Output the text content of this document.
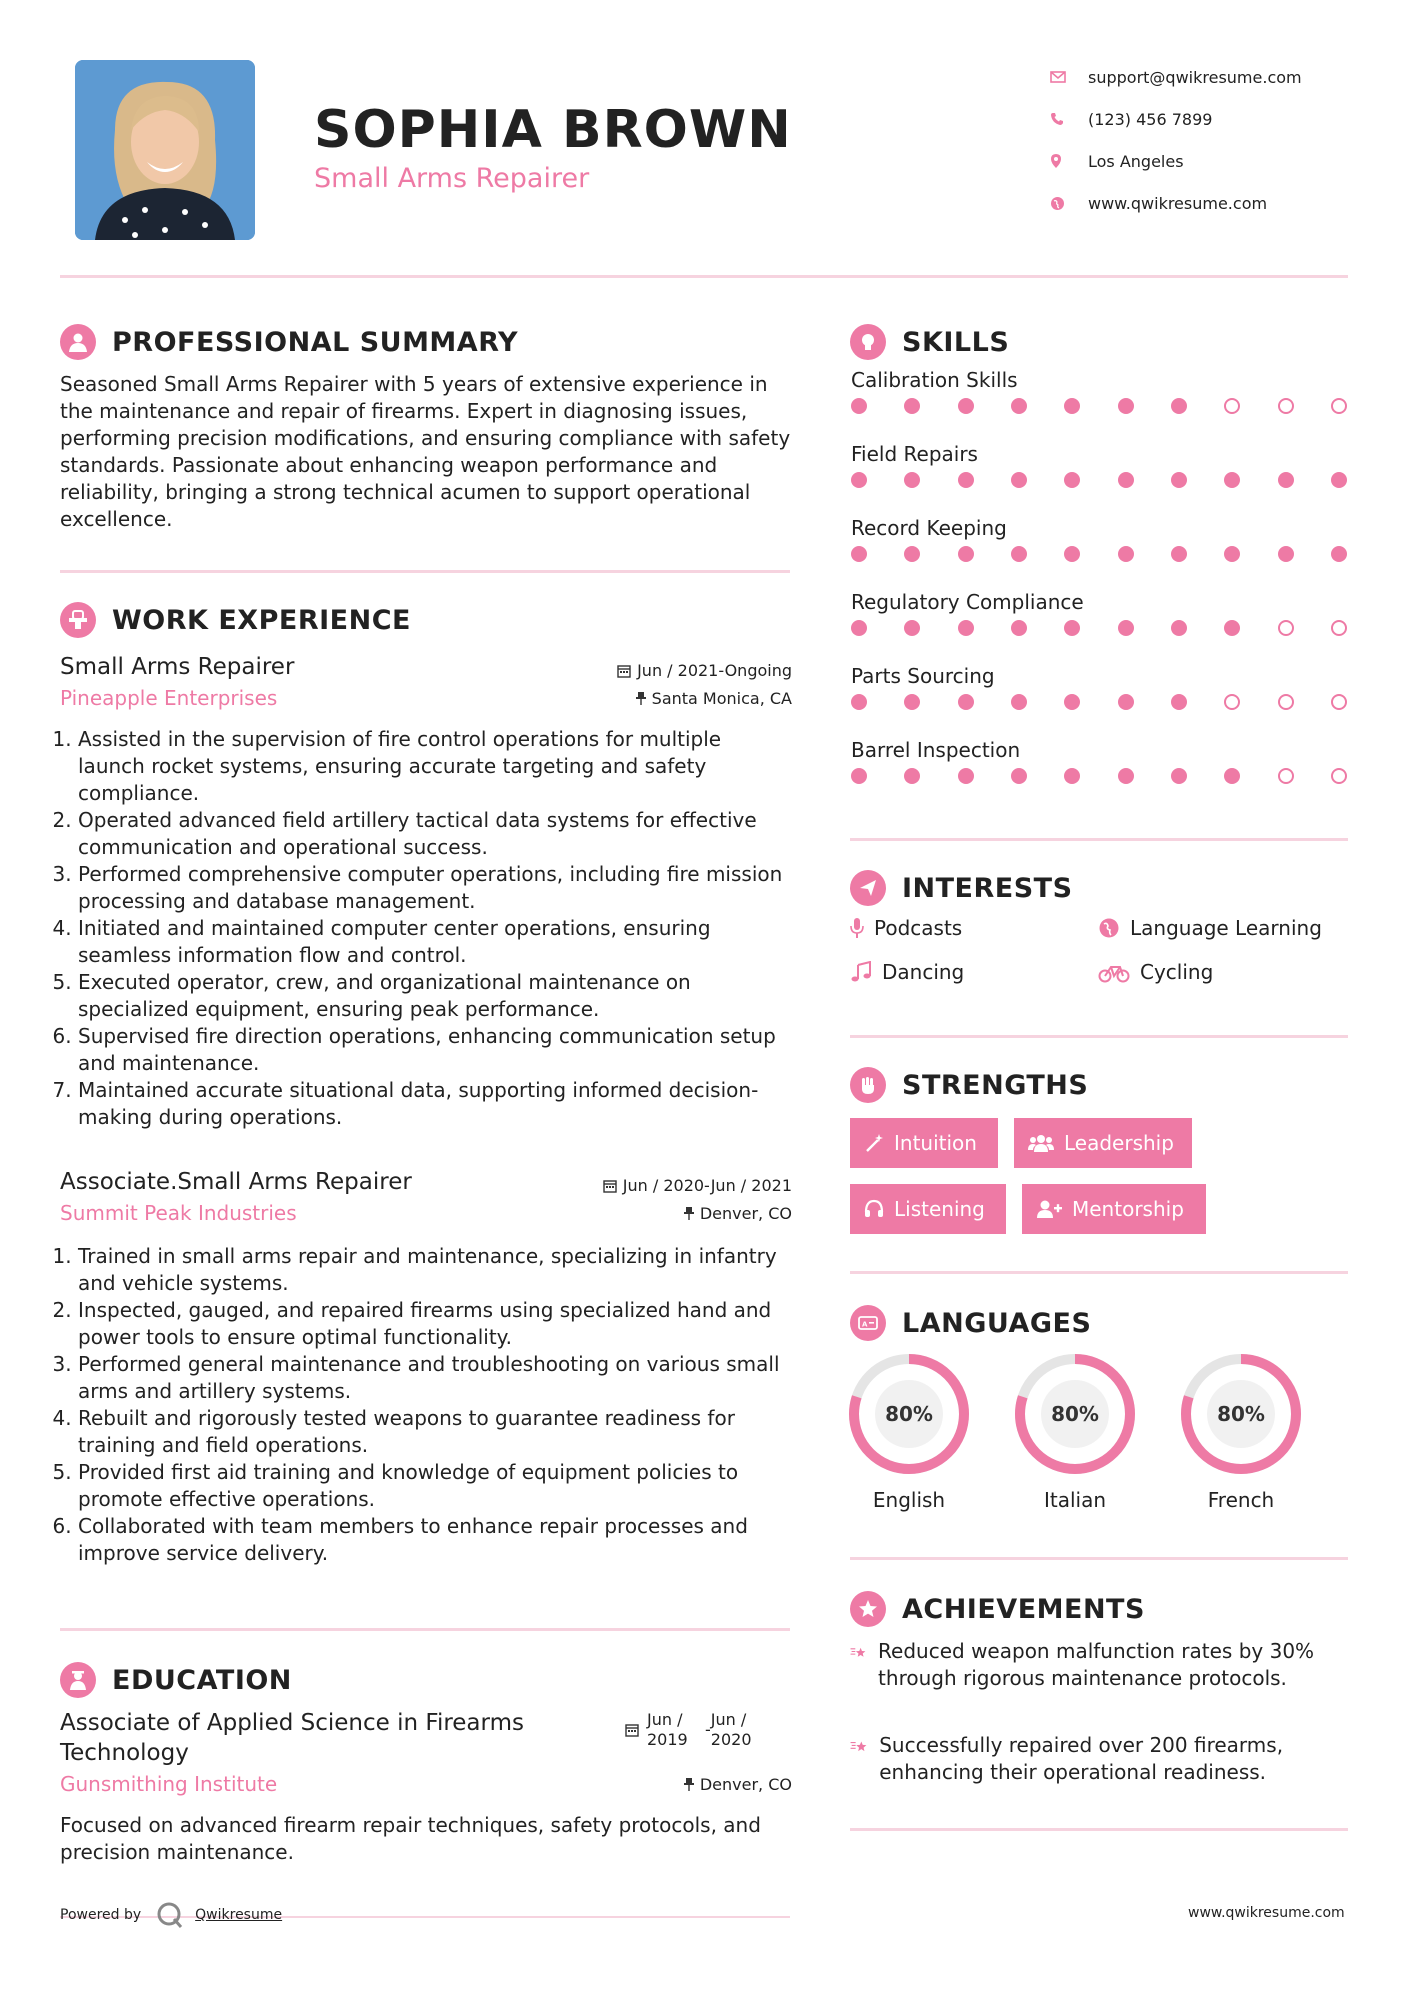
SOPHIA BROWN
Small Arms Repairer
support@qwikresume.com
(123) 456 7899
Los Angeles
www.qwikresume.com
PROFESSIONAL SUMMARY
Seasoned Small Arms Repairer with 5 years of extensive experience in the maintenance and repair of firearms. Expert in diagnosing issues, performing precision modifications, and ensuring compliance with safety standards. Passionate about enhancing weapon performance and reliability, bringing a strong technical acumen to support operational excellence.
WORK EXPERIENCE
Small Arms Repairer	Jun / 2021-Ongoing
Pineapple Enterprises	Santa Monica, CA
1. Assisted in the supervision of fire control operations for multiple launch rocket systems, ensuring accurate targeting and safety compliance.
2. Operated advanced field artillery tactical data systems for effective communication and operational success.
3. Performed comprehensive computer operations, including fire mission processing and database management.
4. Initiated and maintained computer center operations, ensuring seamless information flow and control.
5. Executed operator, crew, and organizational maintenance on specialized equipment, ensuring peak performance.
6. Supervised fire direction operations, enhancing communication setup and maintenance.
7. Maintained accurate situational data, supporting informed decision-making during operations.
Associate.Small Arms Repairer	Jun / 2020-Jun / 2021
Summit Peak Industries	Denver, CO
1. Trained in small arms repair and maintenance, specializing in infantry and vehicle systems.
2. Inspected, gauged, and repaired firearms using specialized hand and power tools to ensure optimal functionality.
3. Performed general maintenance and troubleshooting on various small arms and artillery systems.
4. Rebuilt and rigorously tested weapons to guarantee readiness for training and field operations.
5. Provided first aid training and knowledge of equipment policies to promote effective operations.
6. Collaborated with team members to enhance repair processes and improve service delivery.
EDUCATION
Associate of Applied Science in Firearms
Technology
Jun /
2019
-
Jun /
2020
Gunsmithing Institute	Denver, CO
Focused on advanced firearm repair techniques, safety protocols, and precision maintenance.
SKILLS
Calibration Skills
Field Repairs
Record Keeping
Regulatory Compliance
Parts Sourcing
Barrel Inspection
INTERESTS
Podcasts	Language Learning
Dancing	Cycling
STRENGTHS
Intuition	Leadership
Listening	Mentorship
A LANGUAGES
80%
English
80%
Italian
80%
French
ACHIEVEMENTS
Reduced weapon malfunction rates by 30% through rigorous maintenance protocols.
Successfully repaired over 200 firearms, enhancing their operational readiness.
Powered by	Qwikresume	www.qwikresume.com
